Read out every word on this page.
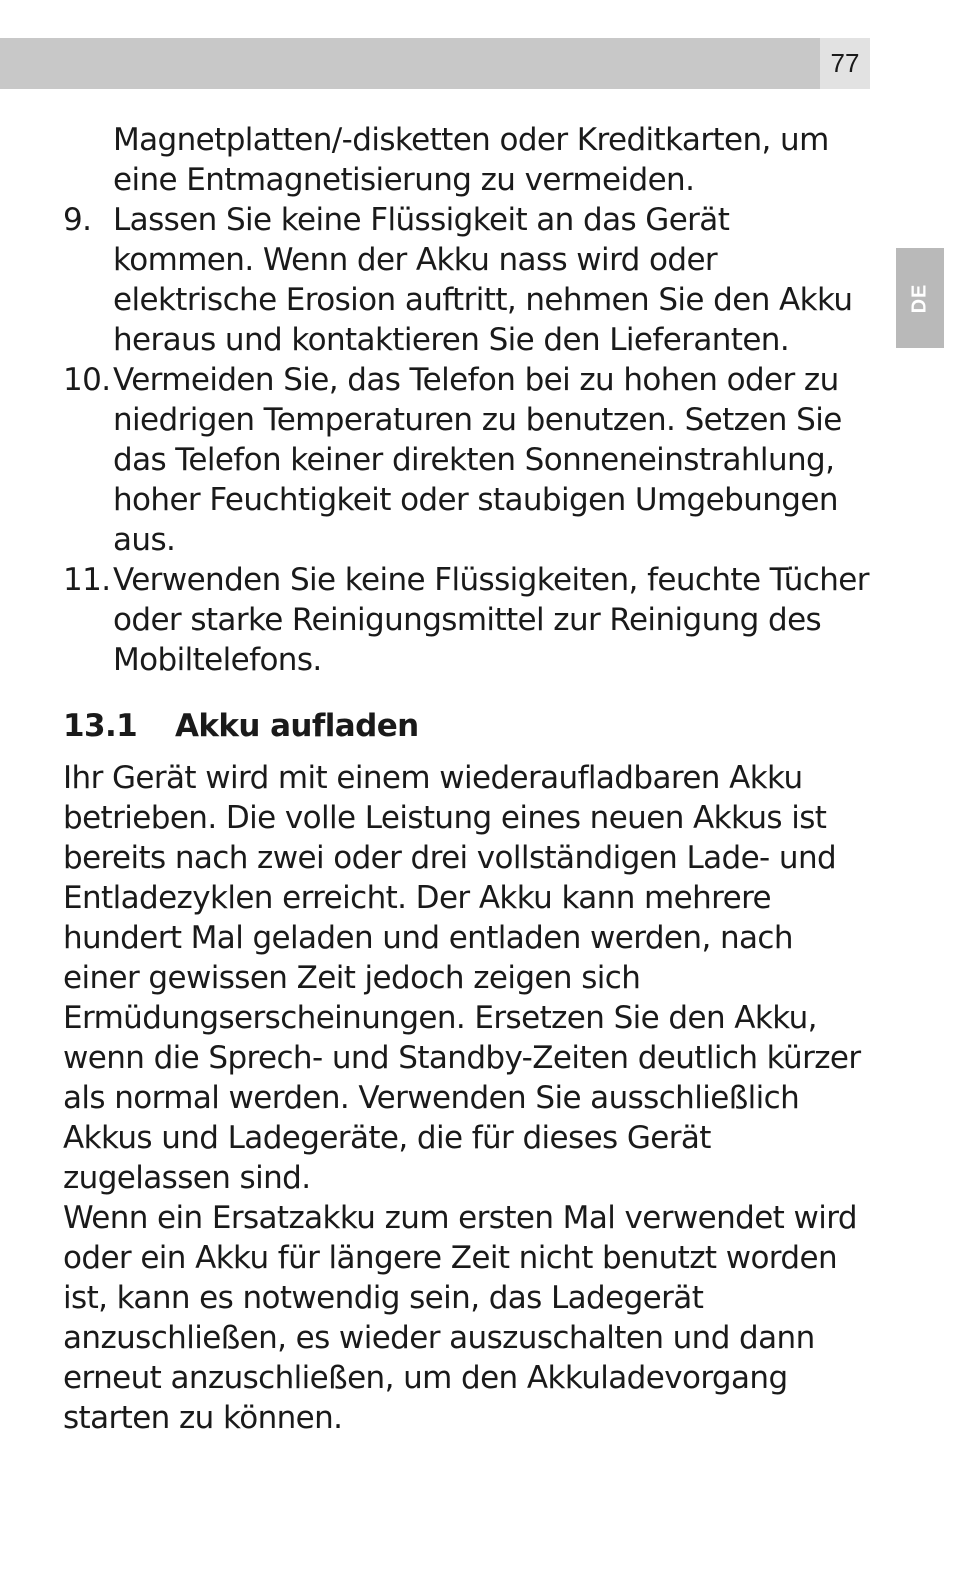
77
DE

Magnetplatten/-disketten oder Kreditkarten, um eine Entmagnetisierung zu vermeiden.

9. Lassen Sie keine Flüssigkeit an das Gerät kommen. Wenn der Akku nass wird oder elektrische Erosion auftritt, nehmen Sie den Akku heraus und kontaktieren Sie den Lieferanten.
10. Vermeiden Sie, das Telefon bei zu hohen oder zu niedrigen Temperaturen zu benutzen. Setzen Sie das Telefon keiner direkten Sonneneinstrahlung, hoher Feuchtigkeit oder staubigen Umgebungen aus.
11. Verwenden Sie keine Flüssigkeiten, feuchte Tücher oder starke Reinigungsmittel zur Reinigung des Mobiltelefons.
13.1	Akku aufladen

Ihr Gerät wird mit einem wiederaufladbaren Akku betrieben. Die volle Leistung eines neuen Akkus ist bereits nach zwei oder drei vollständigen Lade- und Entladezyklen erreicht. Der Akku kann mehrere hundert Mal geladen und entladen werden, nach einer gewissen Zeit jedoch zeigen sich Ermüdungserscheinungen. Ersetzen Sie den Akku, wenn die Sprech- und Standby-Zeiten deutlich kürzer als normal werden. Verwenden Sie ausschließlich Akkus und Ladegeräte, die für dieses Gerät zugelassen sind.

Wenn ein Ersatzakku zum ersten Mal verwendet wird oder ein Akku für längere Zeit nicht benutzt worden ist, kann es notwendig sein, das Ladegerät anzuschließen, es wieder auszuschalten und dann erneut anzuschließen, um den Akkuladevorgang starten zu können.
